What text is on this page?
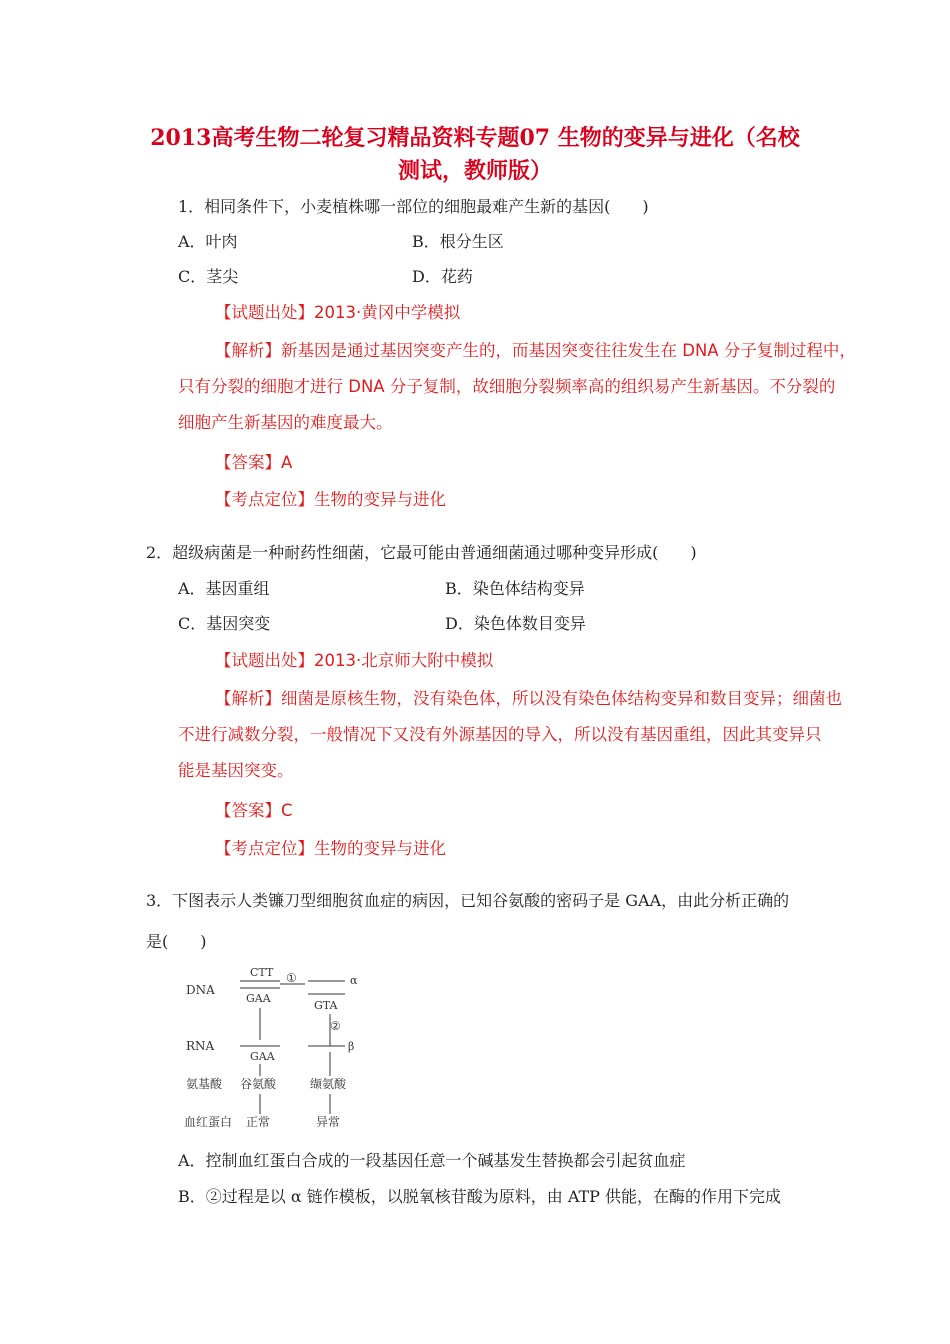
2013高考生物二轮复习精品资料专题07 生物的变异与进化（名校
测试，教师版）
1．相同条件下，小麦植株哪一部位的细胞最难产生新的基因(　　)
A．叶肉	B．根分生区
C．茎尖	D．花药
【试题出处】2013·黄冈中学模拟
【解析】新基因是通过基因突变产生的，而基因突变往往发生在 DNA 分子复制过程中，
只有分裂的细胞才进行 DNA 分子复制，故细胞分裂频率高的组织易产生新基因。不分裂的
细胞产生新基因的难度最大。
【答案】A
【考点定位】生物的变异与进化
2．超级病菌是一种耐药性细菌，它最可能由普通细菌通过哪种变异形成(　　)
A．基因重组	B．染色体结构变异
C．基因突变	D．染色体数目变异
【试题出处】2013·北京师大附中模拟
【解析】细菌是原核生物，没有染色体，所以没有染色体结构变异和数目变异；细菌也
不进行减数分裂，一般情况下又没有外源基因的导入，所以没有基因重组，因此其变异只
能是基因突变。
【答案】C
【考点定位】生物的变异与进化
3．下图表示人类镰刀型细胞贫血症的病因，已知谷氨酸的密码子是 GAA，由此分析正确的
是(　　)
DNA
RNA
氨基酸
血红蛋白
CTT
GAA
①	α
GTA
②
GAA
β
谷氨酸	缬氨酸
正常	异常
A．控制血红蛋白合成的一段基因任意一个碱基发生替换都会引起贫血症
B．②过程是以 α 链作模板，以脱氧核苷酸为原料，由 ATP 供能，在酶的作用下完成
